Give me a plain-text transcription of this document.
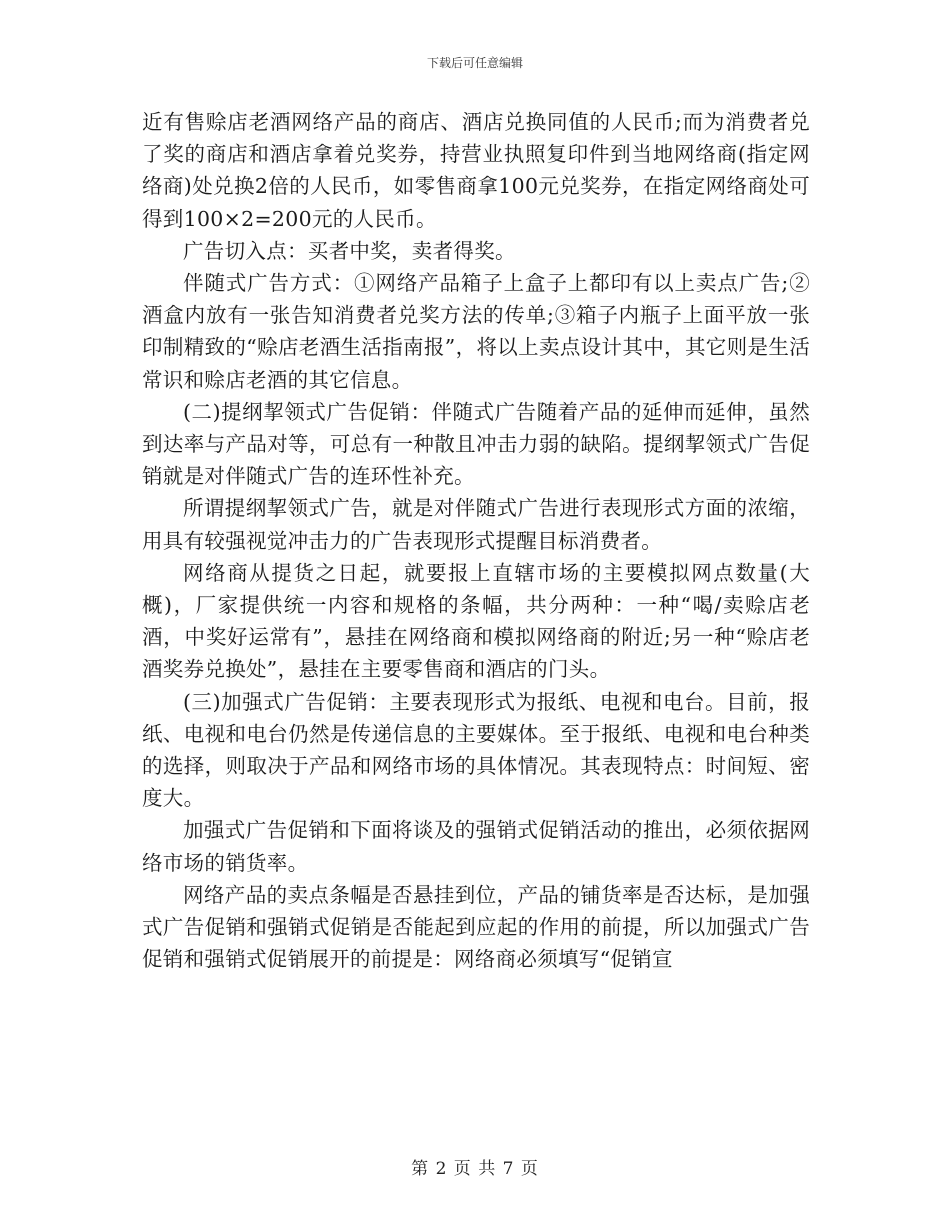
下载后可任意编辑

近有售赊店老酒网络产品的商店、酒店兑换同值的人民币;而为消费者兑了奖的商店和酒店拿着兑奖券，持营业执照复印件到当地网络商(指定网络商)处兑换2倍的人民币，如零售商拿100元兑奖券，在指定网络商处可得到100×2=200元的人民币。

广告切入点：买者中奖，卖者得奖。

伴随式广告方式：①网络产品箱子上盒子上都印有以上卖点广告;②酒盒内放有一张告知消费者兑奖方法的传单;③箱子内瓶子上面平放一张印制精致的“赊店老酒生活指南报”，将以上卖点设计其中，其它则是生活常识和赊店老酒的其它信息。

(二)提纲挈领式广告促销：伴随式广告随着产品的延伸而延伸，虽然到达率与产品对等，可总有一种散且冲击力弱的缺陷。提纲挈领式广告促销就是对伴随式广告的连环性补充。

所谓提纲挈领式广告，就是对伴随式广告进行表现形式方面的浓缩，用具有较强视觉冲击力的广告表现形式提醒目标消费者。

网络商从提货之日起，就要报上直辖市场的主要模拟网点数量(大概)，厂家提供统一内容和规格的条幅，共分两种：一种“喝/卖赊店老酒，中奖好运常有”，悬挂在网络商和模拟网络商的附近;另一种“赊店老酒奖券兑换处”，悬挂在主要零售商和酒店的门头。

(三)加强式广告促销：主要表现形式为报纸、电视和电台。目前，报纸、电视和电台仍然是传递信息的主要媒体。至于报纸、电视和电台种类的选择，则取决于产品和网络市场的具体情况。其表现特点：时间短、密度大。

加强式广告促销和下面将谈及的强销式促销活动的推出，必须依据网络市场的销货率。

网络产品的卖点条幅是否悬挂到位，产品的铺货率是否达标，是加强式广告促销和强销式促销是否能起到应起的作用的前提，所以加强式广告促销和强销式促销展开的前提是：网络商必须填写“促销宣

第 2 页 共 7 页
